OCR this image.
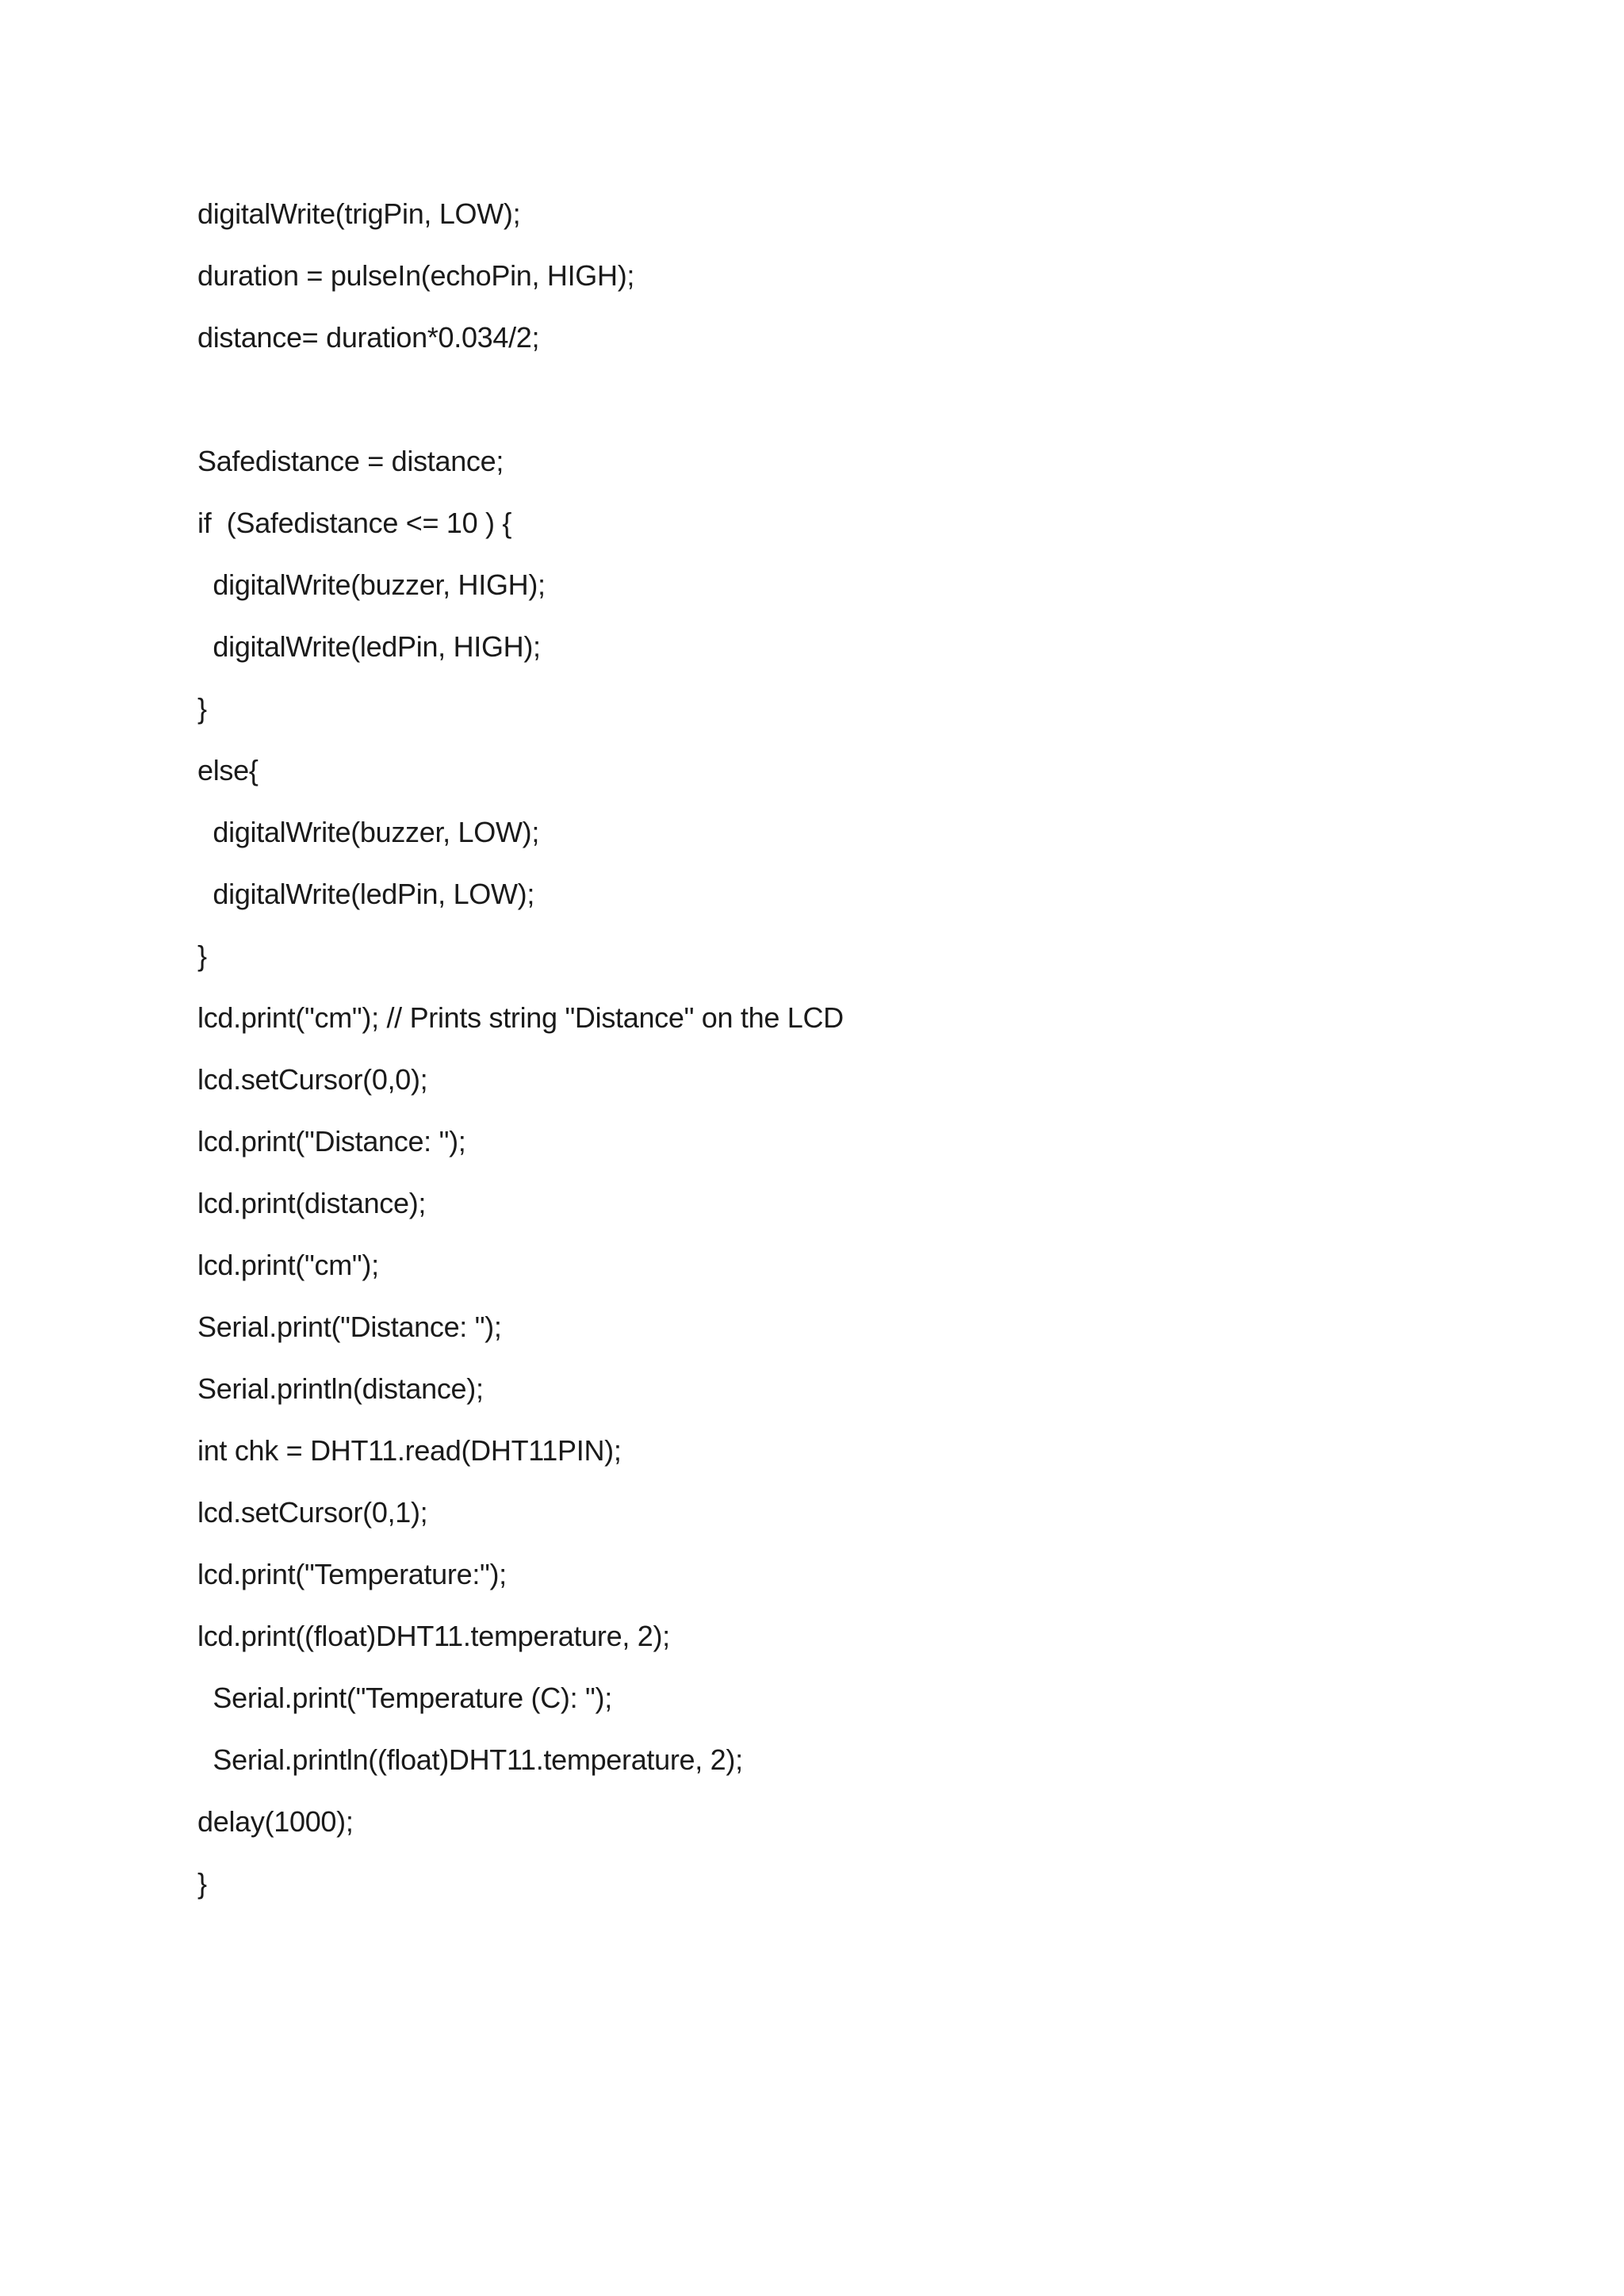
digitalWrite(trigPin, LOW);
duration = pulseIn(echoPin, HIGH);
distance= duration*0.034/2;
Safedistance = distance;
if  (Safedistance <= 10 ) {
digitalWrite(buzzer, HIGH);
digitalWrite(ledPin, HIGH);
}
else{
digitalWrite(buzzer, LOW);
digitalWrite(ledPin, LOW);
}
lcd.print("cm"); // Prints string "Distance" on the LCD
lcd.setCursor(0,0);
lcd.print("Distance: ");
lcd.print(distance);
lcd.print("cm");
Serial.print("Distance: ");
Serial.println(distance);
int chk = DHT11.read(DHT11PIN);
lcd.setCursor(0,1);
lcd.print("Temperature:");
lcd.print((float)DHT11.temperature, 2);
Serial.print("Temperature (C): ");
Serial.println((float)DHT11.temperature, 2);
delay(1000);
}
